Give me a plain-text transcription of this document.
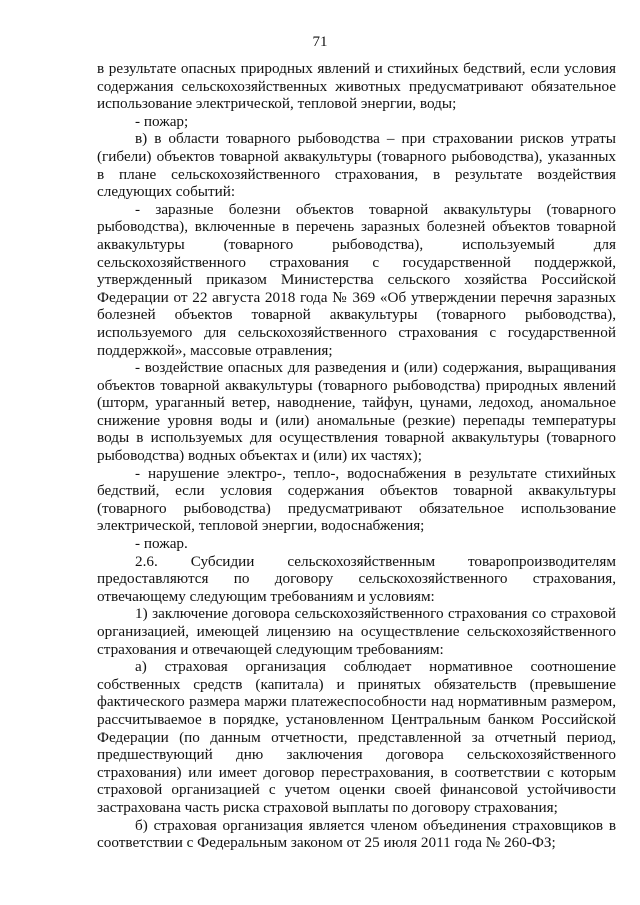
71

в результате опасных природных явлений и стихийных бедствий, если условия содержания сельскохозяйственных животных предусматривают обязательное использование электрической, тепловой энергии, воды;

- пожар;

в) в области товарного рыбоводства – при страховании рисков утраты (гибели) объектов товарной аквакультуры (товарного рыбоводства), указанных в плане сельскохозяйственного страхования, в результате воздействия следующих событий:

- заразные болезни объектов товарной аквакультуры (товарного рыбоводства), включенные в перечень заразных болезней объектов товарной аквакультуры (товарного рыбоводства), используемый для сельскохозяйственного страхования с государственной поддержкой, утвержденный приказом Министерства сельского хозяйства Российской Федерации от 22 августа 2018 года № 369 «Об утверждении перечня заразных болезней объектов товарной аквакультуры (товарного рыбоводства), используемого для сельскохозяйственного страхования с государственной поддержкой», массовые отравления;

- воздействие опасных для разведения и (или) содержания, выращивания объектов товарной аквакультуры (товарного рыбоводства) природных явлений (шторм, ураганный ветер, наводнение, тайфун, цунами, ледоход, аномальное снижение уровня воды и (или) аномальные (резкие) перепады температуры воды в используемых для осуществления товарной аквакультуры (товарного рыбоводства) водных объектах и (или) их частях);

- нарушение электро-, тепло-, водоснабжения в результате стихийных бедствий, если условия содержания объектов товарной аквакультуры (товарного рыбоводства) предусматривают обязательное использование электрической, тепловой энергии, водоснабжения;

- пожар.

2.6. Субсидии сельскохозяйственным товаропроизводителям предоставляются по договору сельскохозяйственного страхования, отвечающему следующим требованиям и условиям:

1) заключение договора сельскохозяйственного страхования со страховой организацией, имеющей лицензию на осуществление сельскохозяйственного страхования и отвечающей следующим требованиям:

а) страховая организация соблюдает нормативное соотношение собственных средств (капитала) и принятых обязательств (превышение фактического размера маржи платежеспособности над нормативным размером, рассчитываемое в порядке, установленном Центральным банком Российской Федерации (по данным отчетности, представленной за отчетный период, предшествующий дню заключения договора сельскохозяйственного страхования) или имеет договор перестрахования, в соответствии с которым страховой организацией с учетом оценки своей финансовой устойчивости застрахована часть риска страховой выплаты по договору страхования;

б) страховая организация является членом объединения страховщиков в соответствии с Федеральным законом от 25 июля 2011 года № 260-ФЗ;
